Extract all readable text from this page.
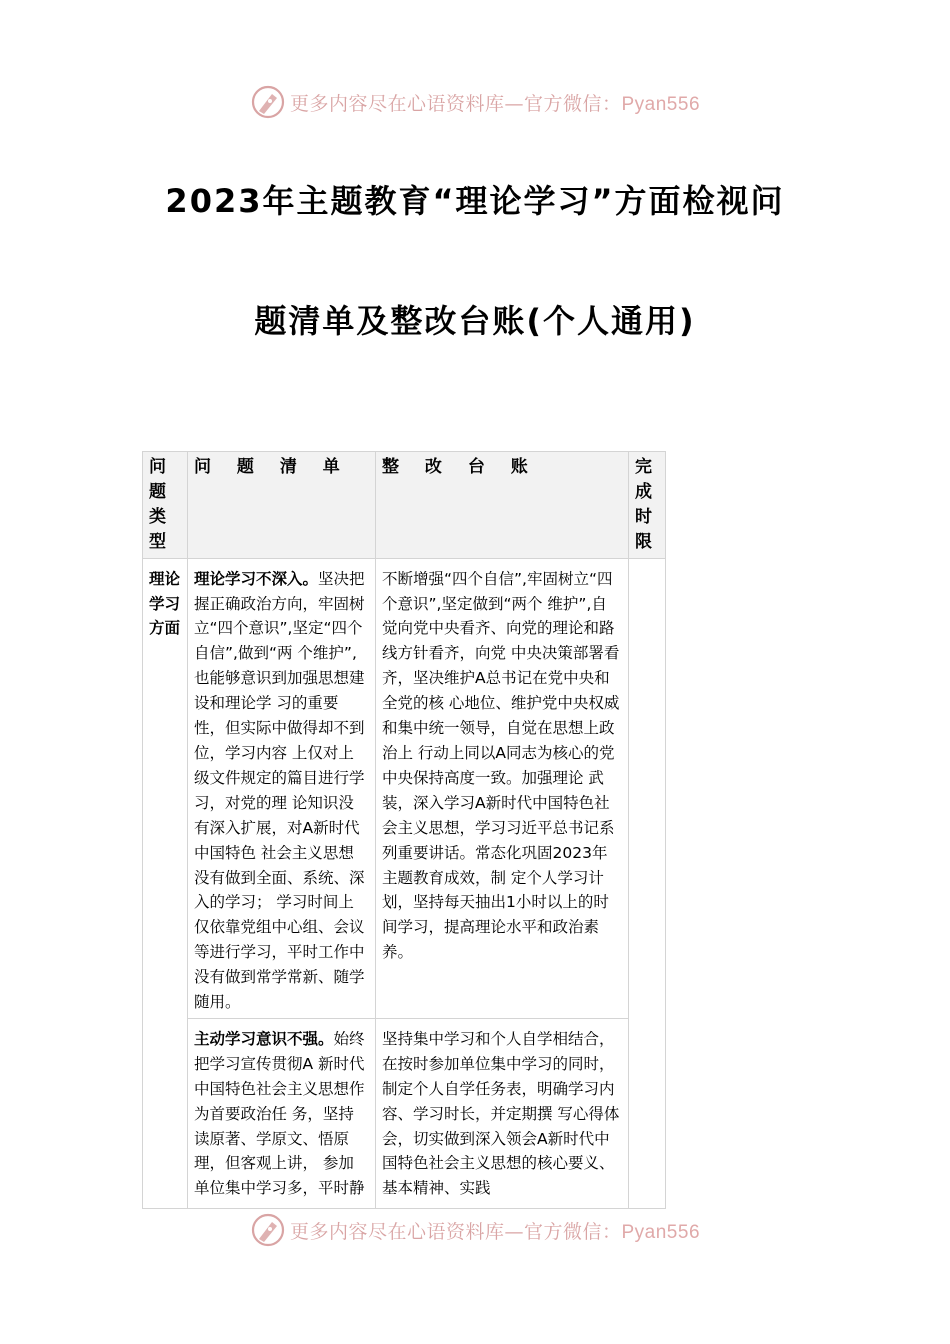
更多内容尽在心语资料库—官方微信：Pyan556
2023年主题教育“理论学习”方面检视问
题清单及整改台账(个人通用)
问题类型	问 题 清 单	整 改 台 账	完成时限
理论学习方面	理论学习不深入。坚决把握正确政治方向，牢固树立“四个意识”,坚定“四个自信”,做到“两 个维护”,也能够意识到加强思想建设和理论学 习的重要性，但实际中做得却不到位，学习内容 上仅对上级文件规定的篇目进行学习，对党的理 论知识没有深入扩展，对A新时代中国特色 社会主义思想没有做到全面、系统、深入的学习； 学习时间上仅依靠党组中心组、会议等进行学习，平时工作中没有做到常学常新、随学随用。	不断增强“四个自信”,牢固树立“四个意识”,坚定做到“两个 维护”,自觉向党中央看齐、向党的理论和路线方针看齐，向党 中央决策部署看齐，坚决维护A总书记在党中央和全党的核 心地位、维护党中央权威和集中统一领导，自觉在思想上政治上 行动上同以A同志为核心的党中央保持高度一致。加强理论 武装，深入学习A新时代中国特色社会主义思想，学习习近平总书记系列重要讲话。常态化巩固2023年主题教育成效，制 定个人学习计划，坚持每天抽出1小时以上的时间学习，提高理论水平和政治素养。	

	主动学习意识不强。始终把学习宣传贯彻A 新时代中国特色社会主义思想作为首要政治任 务，坚持读原著、学原文、悟原理，但客观上讲， 参加单位集中学习多，平时静	坚持集中学习和个人自学相结合，在按时参加单位集中学习的同时，制定个人自学任务表，明确学习内容、学习时长，并定期撰 写心得体会，切实做到深入领会A新时代中国特色社会主义思想的核心要义、基本精神、实践	
更多内容尽在心语资料库—官方微信：Pyan556
